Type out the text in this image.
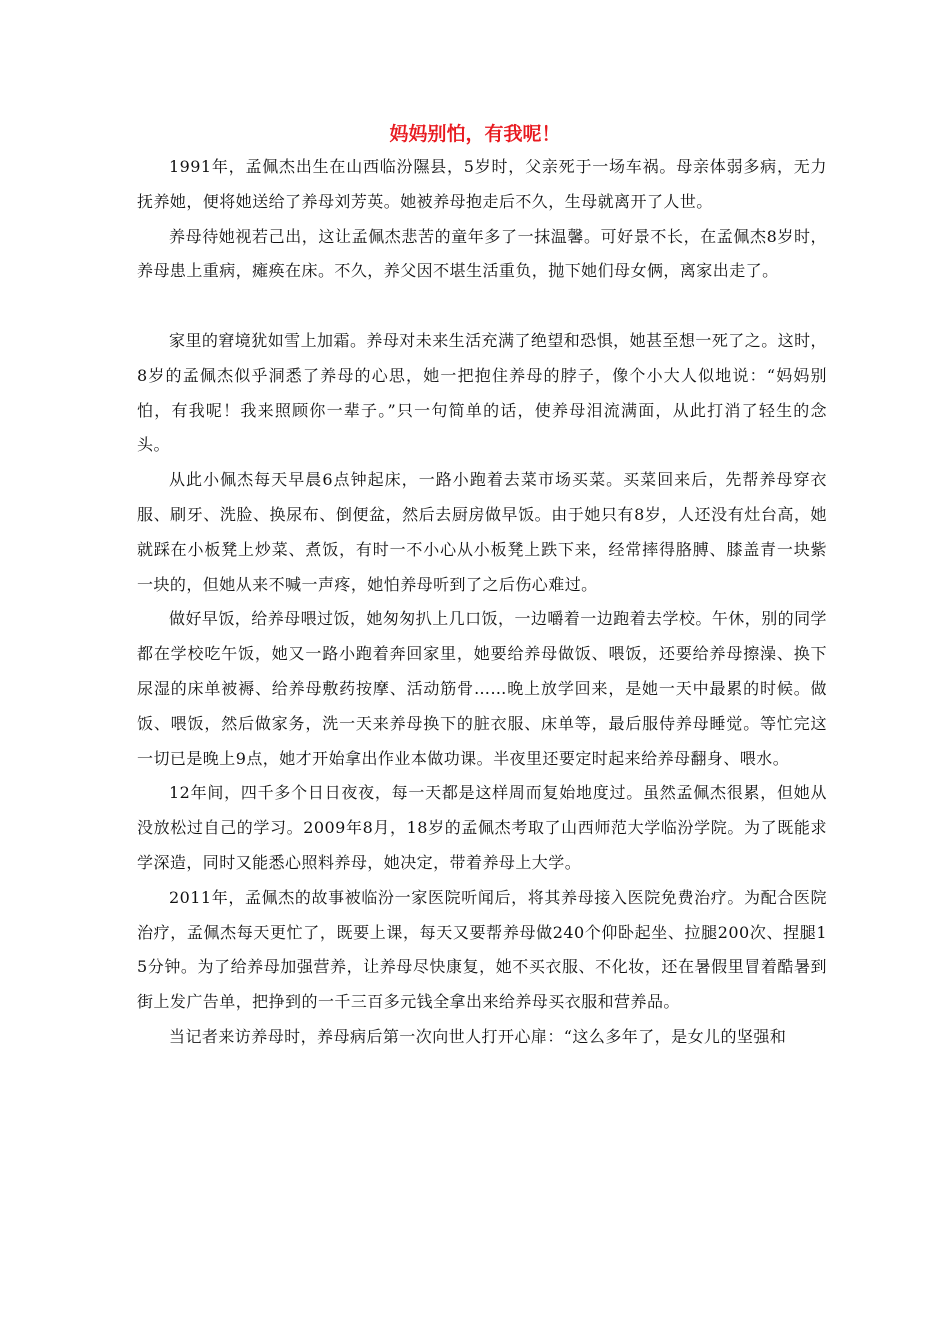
妈妈别怕，有我呢！

1991年，孟佩杰出生在山西临汾隰县，5岁时，父亲死于一场车祸。母亲体弱多病，无力抚养她，便将她送给了养母刘芳英。她被养母抱走后不久，生母就离开了人世。

养母待她视若己出，这让孟佩杰悲苦的童年多了一抹温馨。可好景不长，在孟佩杰8岁时，养母患上重病，瘫痪在床。不久，养父因不堪生活重负，抛下她们母女俩，离家出走了。

家里的窘境犹如雪上加霜。养母对未来生活充满了绝望和恐惧，她甚至想一死了之。这时，8岁的孟佩杰似乎洞悉了养母的心思，她一把抱住养母的脖子，像个小大人似地说：“妈妈别怕，有我呢！我来照顾你一辈子。”只一句简单的话，使养母泪流满面，从此打消了轻生的念头。

从此小佩杰每天早晨6点钟起床，一路小跑着去菜市场买菜。买菜回来后，先帮养母穿衣服、刷牙、洗脸、换尿布、倒便盆，然后去厨房做早饭。由于她只有8岁，人还没有灶台高，她就踩在小板凳上炒菜、煮饭，有时一不小心从小板凳上跌下来，经常摔得胳膊、膝盖青一块紫一块的，但她从来不喊一声疼，她怕养母听到了之后伤心难过。

做好早饭，给养母喂过饭，她匆匆扒上几口饭，一边嚼着一边跑着去学校。午休，别的同学都在学校吃午饭，她又一路小跑着奔回家里，她要给养母做饭、喂饭，还要给养母擦澡、换下尿湿的床单被褥、给养母敷药按摩、活动筋骨……晚上放学回来，是她一天中最累的时候。做饭、喂饭，然后做家务，洗一天来养母换下的脏衣服、床单等，最后服侍养母睡觉。等忙完这一切已是晚上9点，她才开始拿出作业本做功课。半夜里还要定时起来给养母翻身、喂水。

12年间，四千多个日日夜夜，每一天都是这样周而复始地度过。虽然孟佩杰很累，但她从没放松过自己的学习。2009年8月，18岁的孟佩杰考取了山西师范大学临汾学院。为了既能求学深造，同时又能悉心照料养母，她决定，带着养母上大学。

2011年，孟佩杰的故事被临汾一家医院听闻后，将其养母接入医院免费治疗。为配合医院治疗，孟佩杰每天更忙了，既要上课，每天又要帮养母做240个仰卧起坐、拉腿200次、捏腿15分钟。为了给养母加强营养，让养母尽快康复，她不买衣服、不化妆，还在暑假里冒着酷暑到街上发广告单，把挣到的一千三百多元钱全拿出来给养母买衣服和营养品。

当记者来访养母时，养母病后第一次向世人打开心扉：“这么多年了，是女儿的坚强和
